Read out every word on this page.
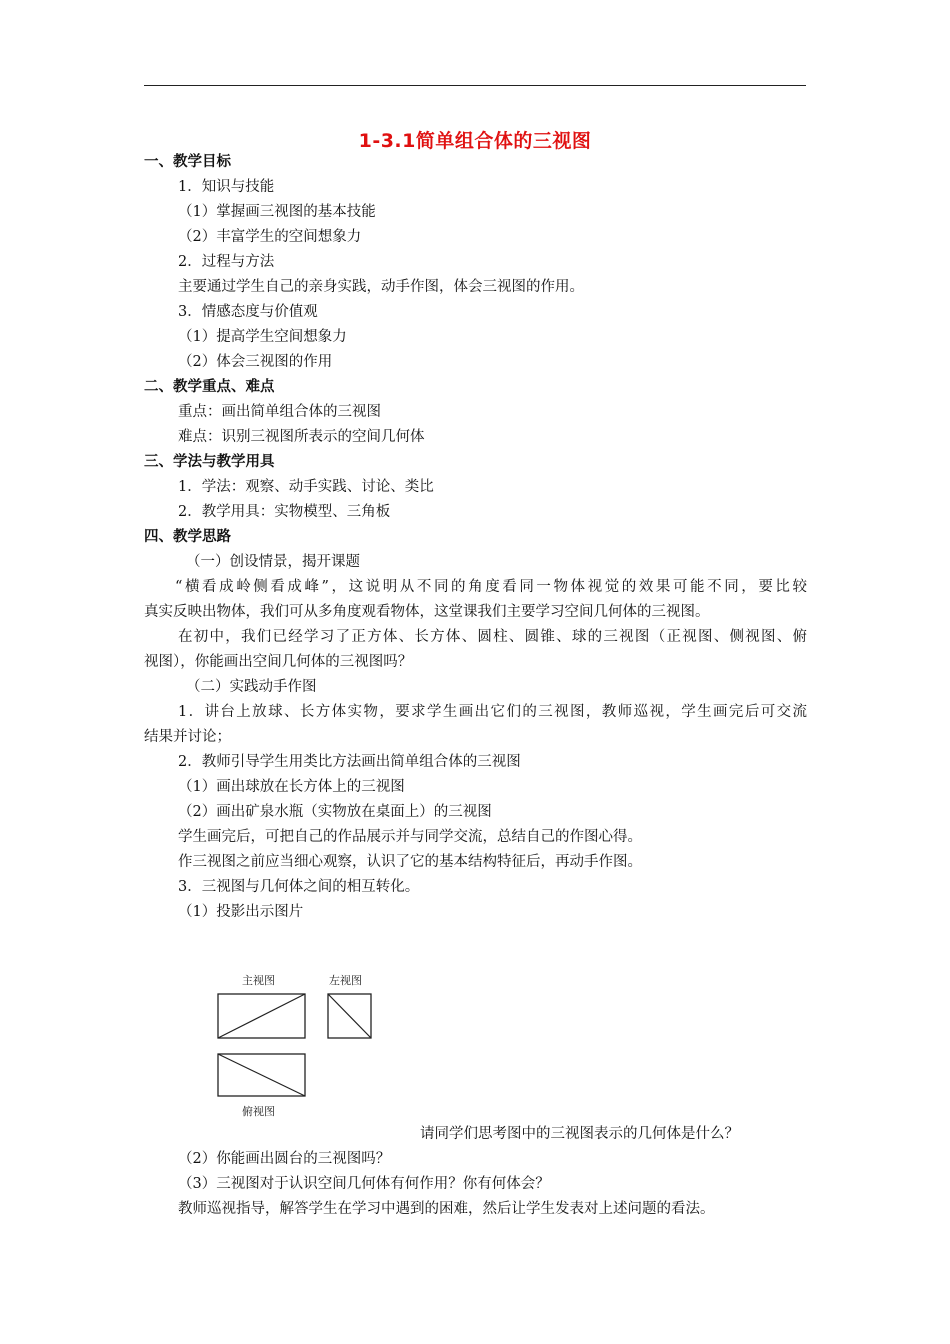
1-3.1简单组合体的三视图
一、教学目标
1．知识与技能
（1）掌握画三视图的基本技能
（2）丰富学生的空间想象力
2．过程与方法
主要通过学生自己的亲身实践，动手作图，体会三视图的作用。
3．情感态度与价值观
（1）提高学生空间想象力
（2）体会三视图的作用
二、教学重点、难点
重点：画出简单组合体的三视图
难点：识别三视图所表示的空间几何体
三、学法与教学用具
1．学法：观察、动手实践、讨论、类比
2．教学用具：实物模型、三角板
四、教学思路
（一）创设情景，揭开课题
“横看成岭侧看成峰”，这说明从不同的角度看同一物体视觉的效果可能不同，要比较
真实反映出物体，我们可从多角度观看物体，这堂课我们主要学习空间几何体的三视图。
在初中，我们已经学习了正方体、长方体、圆柱、圆锥、球的三视图（正视图、侧视图、俯
视图），你能画出空间几何体的三视图吗？
（二）实践动手作图
1．讲台上放球、长方体实物，要求学生画出它们的三视图，教师巡视，学生画完后可交流
结果并讨论；
2．教师引导学生用类比方法画出简单组合体的三视图
（1）画出球放在长方体上的三视图
（2）画出矿泉水瓶（实物放在桌面上）的三视图
学生画完后，可把自己的作品展示并与同学交流，总结自己的作图心得。
作三视图之前应当细心观察，认识了它的基本结构特征后，再动手作图。
3．三视图与几何体之间的相互转化。
（1）投影出示图片
主视图	左视图
俯视图
请同学们思考图中的三视图表示的几何体是什么？
（2）你能画出圆台的三视图吗？
（3）三视图对于认识空间几何体有何作用？你有何体会？
教师巡视指导，解答学生在学习中遇到的困难，然后让学生发表对上述问题的看法。
